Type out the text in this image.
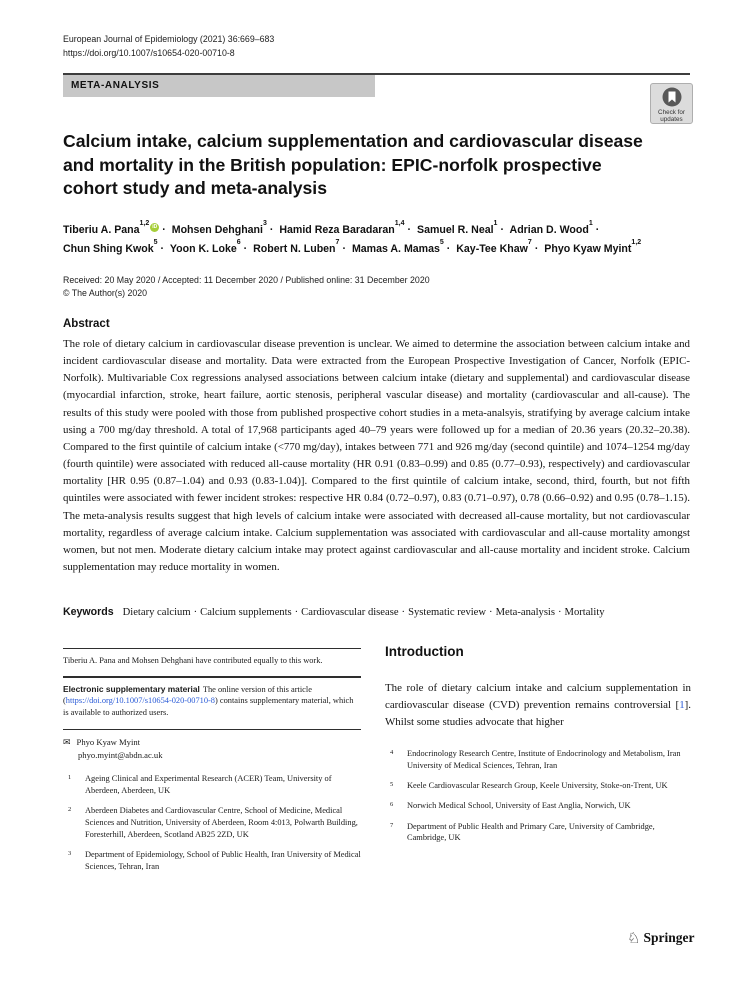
European Journal of Epidemiology (2021) 36:669–683
https://doi.org/10.1007/s10654-020-00710-8
META-ANALYSIS
Check for
updates
Calcium intake, calcium supplementation and cardiovascular disease
and mortality in the British population: EPIC-norfolk prospective
cohort study and meta-analysis
Tiberiu A. Pana$^{1,2}$iD · Mohsen Dehghani$^3$· Hamid Reza Baradaran$^{1,4}$· Samuel R. Neal$^1$· Adrian D. Wood$^1$·
Chun Shing Kwok$^5$· Yoon K. Loke$^6$· Robert N. Luben$^7$· Mamas A. Mamas$^5$· Kay-Tee Khaw$^7$· Phyo Kyaw Myint$^{1,2}$
Received: 20 May 2020 / Accepted: 11 December 2020 / Published online: 31 December 2020
© The Author(s) 2020
Abstract
The role of dietary calcium in cardiovascular disease prevention is unclear. We aimed to determine the association between calcium intake and incident cardiovascular disease and mortality. Data were extracted from the European Prospective Investigation of Cancer, Norfolk (EPIC-Norfolk). Multivariable Cox regressions analysed associations between calcium intake (dietary and supplemental) and cardiovascular disease (myocardial infarction, stroke, heart failure, aortic stenosis, peripheral vascular disease) and mortality (cardiovascular and all-cause). The results of this study were pooled with those from published prospective cohort studies in a meta-analsyis, stratifying by average calcium intake using a 700 mg/day threshold. A total of 17,968 participants aged 40–79 years were followed up for a median of 20.36 years (20.32–20.38). Compared to the first quintile of calcium intake (<770 mg/day), intakes between 771 and 926 mg/day (second quintile) and 1074–1254 mg/day (fourth quintile) were associated with reduced all-cause mortality (HR 0.91 (0.83–0.99) and 0.85 (0.77–0.93), respectively) and cardiovascular mortality [HR 0.95 (0.87–1.04) and 0.93 (0.83-1.04)]. Compared to the first quintile of calcium intake, second, third, fourth, but not fifth quintiles were associated with fewer incident strokes: respective HR 0.84 (0.72–0.97), 0.83 (0.71–0.97), 0.78 (0.66–0.92) and 0.95 (0.78–1.15). The meta-analysis results suggest that high levels of calcium intake were associated with decreased all-cause mortality, but not cardiovascular mortality, regardless of average calcium intake. Calcium supplementation was associated with cardiovascular and all-cause mortality amongst women, but not men. Moderate dietary calcium intake may protect against cardiovascular and all-cause mortality and incident stroke. Calcium supplementation may reduce mortality in women.
Keywords Dietary calcium · Calcium supplements · Cardiovascular disease · Systematic review · Meta-analysis · Mortality
Tiberiu A. Pana and Mohsen Dehghani have contributed equally to this work.
Electronic supplementary material The online version of this article (https://doi.org/10.1007/s10654-020-00710-8) contains supplementary material, which is available to authorized users.
✉ Phyo Kyaw Myint
phyo.myint@abdn.ac.uk
1 Ageing Clinical and Experimental Research (ACER) Team, University of Aberdeen, Aberdeen, UK
2 Aberdeen Diabetes and Cardiovascular Centre, School of Medicine, Medical Sciences and Nutrition, University of Aberdeen, Room 4:013, Polwarth Building, Foresterhill, Aberdeen, Scotland AB25 2ZD, UK
3 Department of Epidemiology, School of Public Health, Iran University of Medical Sciences, Tehran, Iran
Introduction
The role of dietary calcium intake and calcium supplementation in cardiovascular disease (CVD) prevention remains controversial [1]. Whilst some studies advocate that higher
4 Endocrinology Research Centre, Institute of Endocrinology and Metabolism, Iran University of Medical Sciences, Tehran, Iran
5 Keele Cardiovascular Research Group, Keele University, Stoke-on-Trent, UK
6 Norwich Medical School, University of East Anglia, Norwich, UK
7 Department of Public Health and Primary Care, University of Cambridge, Cambridge, UK
♘ Springer
